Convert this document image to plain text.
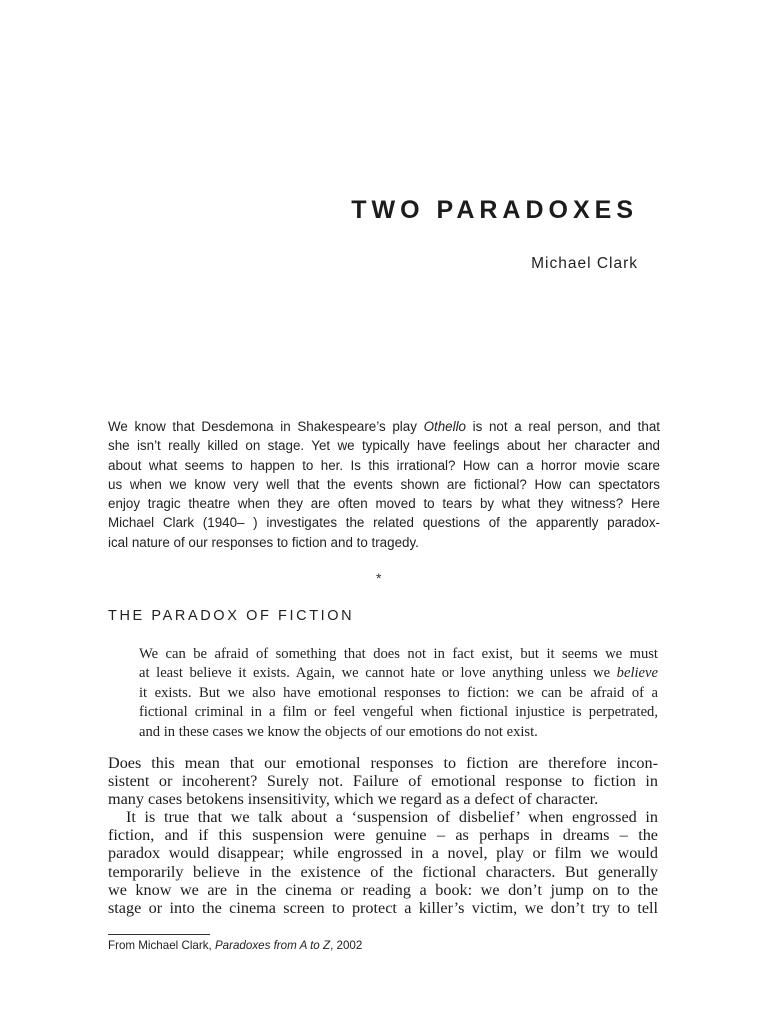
TWO PARADOXES
Michael Clark
We know that Desdemona in Shakespeare’s play Othello is not a real person, and that
she isn’t really killed on stage. Yet we typically have feelings about her character and
about what seems to happen to her. Is this irrational? How can a horror movie scare
us when we know very well that the events shown are fictional? How can spectators
enjoy tragic theatre when they are often moved to tears by what they witness? Here
Michael Clark (1940– ) investigates the related questions of the apparently paradox-
ical nature of our responses to fiction and to tragedy.
*
THE PARADOX OF FICTION
We can be afraid of something that does not in fact exist, but it seems we must
at least believe it exists. Again, we cannot hate or love anything unless we believe
it exists. But we also have emotional responses to fiction: we can be afraid of a
fictional criminal in a film or feel vengeful when fictional injustice is perpetrated,
and in these cases we know the objects of our emotions do not exist.
Does this mean that our emotional responses to fiction are therefore incon-
sistent or incoherent? Surely not. Failure of emotional response to fiction in
many cases betokens insensitivity, which we regard as a defect of character.
It is true that we talk about a ‘suspension of disbelief’ when engrossed in
fiction, and if this suspension were genuine – as perhaps in dreams – the
paradox would disappear; while engrossed in a novel, play or film we would
temporarily believe in the existence of the fictional characters. But generally
we know we are in the cinema or reading a book: we don’t jump on to the
stage or into the cinema screen to protect a killer’s victim, we don’t try to tell
From Michael Clark, Paradoxes from A to Z, 2002
